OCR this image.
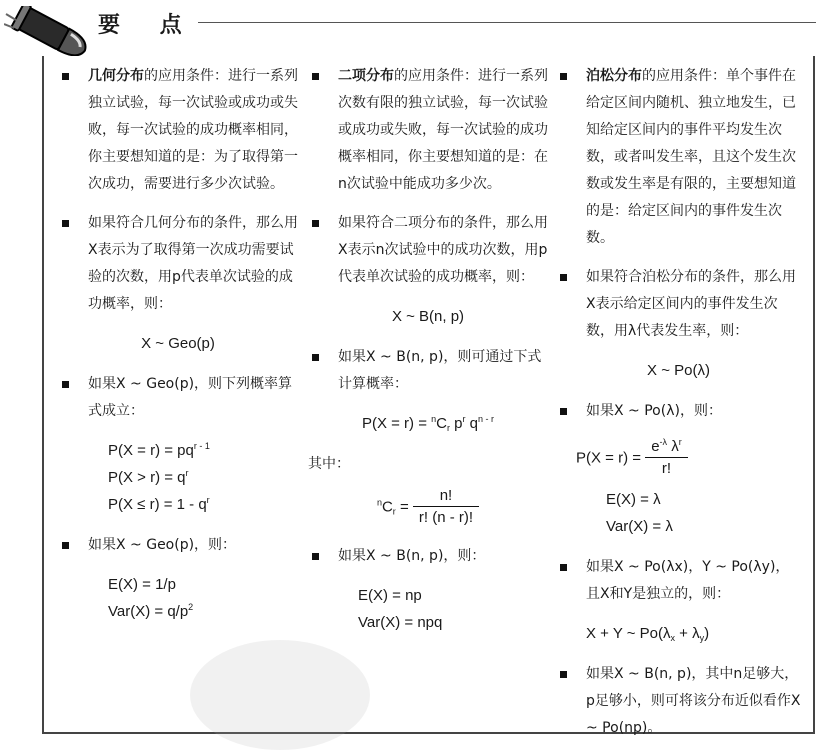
要 点

几何分布的应用条件：进行一系列独立试验，每一次试验或成功或失败，每一次试验的成功概率相同，你主要想知道的是：为了取得第一次成功，需要进行多少次试验。

如果符合几何分布的条件，那么用X表示为了取得第一次成功需要试验的次数，用p代表单次试验的成功概率，则：

X ~ Geo(p)

如果X ~ Geo(p)，则下列概率算式成立：

$P(X = r) = pq^{r - 1}$
$P(X > r) = q^r$
$P(X \le r) = 1 - q^r$

如果X ~ Geo(p)，则：

E(X) = 1/p
$Var(X) = q/p^2$

二项分布的应用条件：进行一系列次数有限的独立试验，每一次试验或成功或失败，每一次试验的成功概率相同，你主要想知道的是：在n次试验中能成功多少次。

如果符合二项分布的条件，那么用X表示n次试验中的成功次数，用p代表单次试验的成功概率，则：

X ~ B(n, p)

如果X ~ B(n, p)，则可通过下式计算概率：

$P(X = r) = ^nC_r$ $p^r$ $q^{n - r}$
其中：
$^nC_r = \frac{n!}{r! (n - r)!}$

如果X ~ B(n, p)，则：

E(X) = np
Var(X) = npq

泊松分布的应用条件：单个事件在给定区间内随机、独立地发生，已知给定区间内的事件平均发生次数，或者叫发生率，且这个发生次数或发生率是有限的，主要想知道的是：给定区间内的事件发生次数。

如果符合泊松分布的条件，那么用X表示给定区间内的事件发生次数，用λ代表发生率，则：

X ~ Po(λ)

如果X ~ Po(λ)，则：

$P(X = r) = \frac{e^{-\lambda} \lambda^r}{r!}$
E(X) = λ
Var(X) = λ

如果X ~ Po(λx)，Y ~ Po(λy)，且X和Y是独立的，则：

X + Y ~ $Po(\lambda_x + \lambda_y)$

如果X ~ B(n, p)，其中n足够大，p足够小，则可将该分布近似看作X ~ Po(np)。
